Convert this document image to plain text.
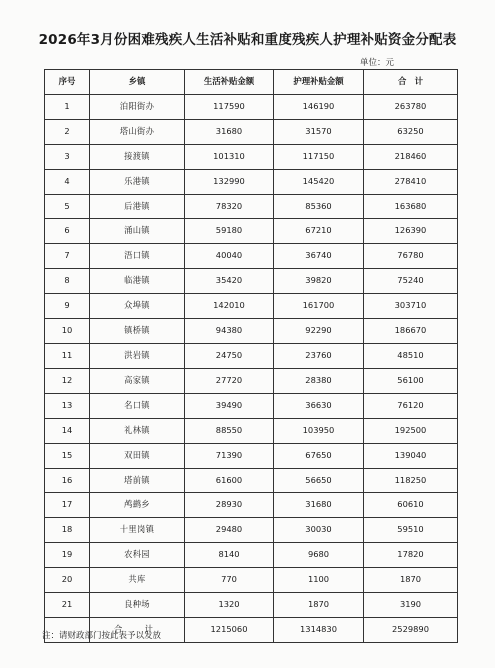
2026年3月份困难残疾人生活补贴和重度残疾人护理补贴资金分配表
单位：元
序号	乡镇	生活补贴金额	护理补贴金额	合　计
1	泊阳街办	117590	146190	263780
2	塔山街办	31680	31570	63250
3	接渡镇	101310	117150	218460
4	乐港镇	132990	145420	278410
5	后港镇	78320	85360	163680
6	涌山镇	59180	67210	126390
7	浯口镇	40040	36740	76780
8	临港镇	35420	39820	75240
9	众埠镇	142010	161700	303710
10	镇桥镇	94380	92290	186670
11	洪岩镇	24750	23760	48510
12	高家镇	27720	28380	56100
13	名口镇	39490	36630	76120
14	礼林镇	88550	103950	192500
15	双田镇	71390	67650	139040
16	塔前镇	61600	56650	118250
17	鸬鹚乡	28930	31680	60610
18	十里岗镇	29480	30030	59510
19	农科园	8140	9680	17820
20	共库	770	1100	1870
21	良种场	1320	1870	3190
	合　计	1215060	1314830	2529890
注：请财政部门按此表予以发放
